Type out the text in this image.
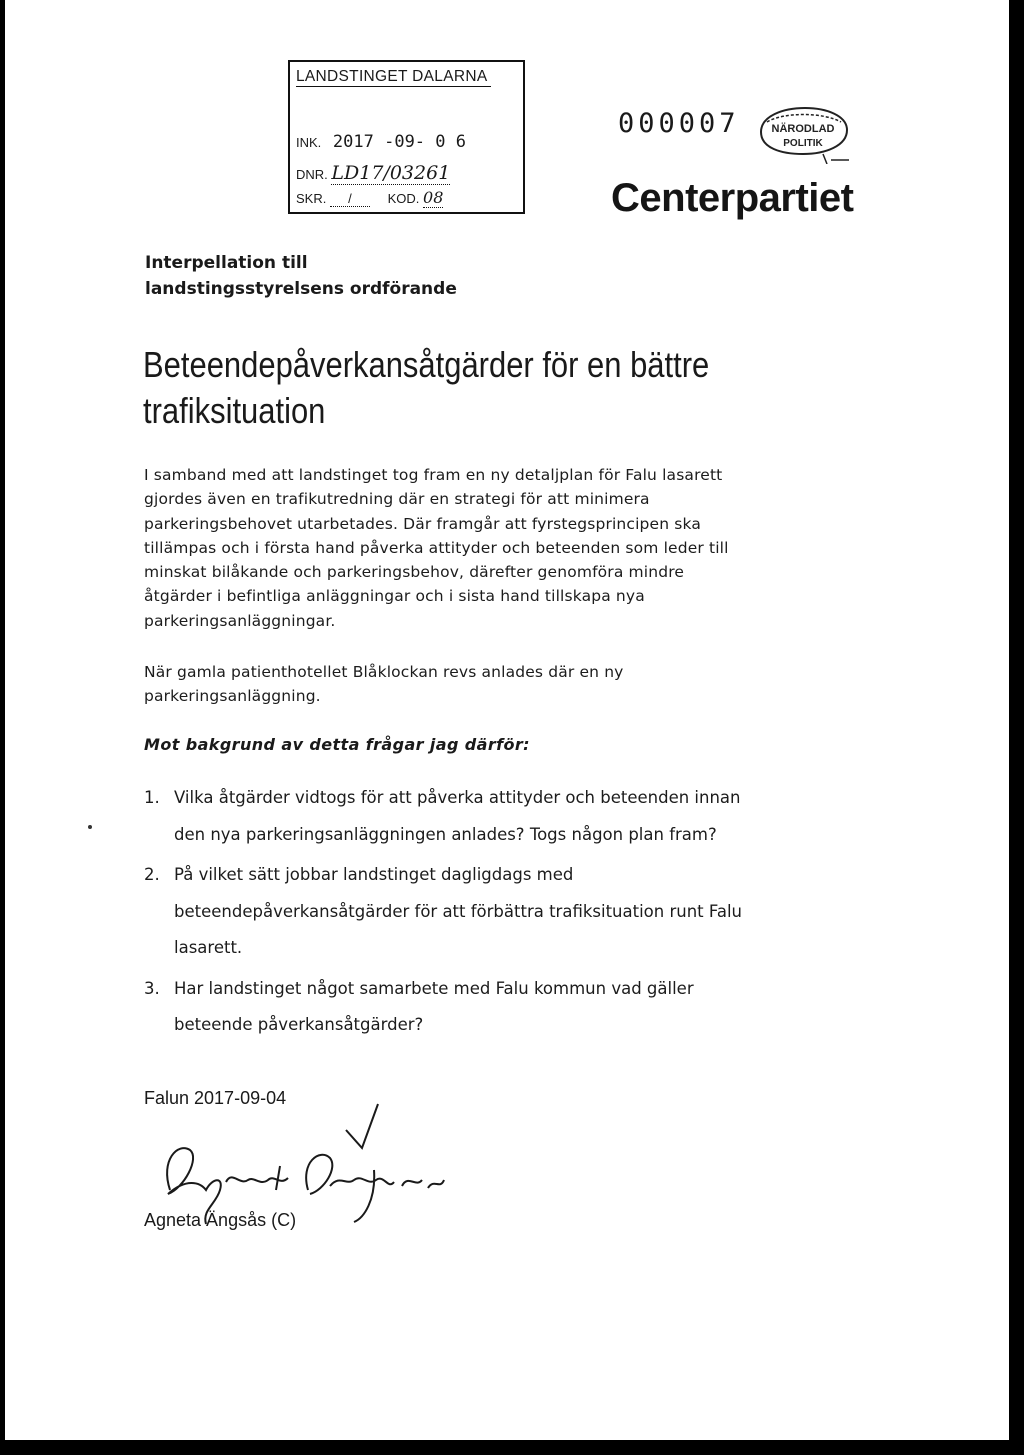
LANDSTINGET DALARNA
INK. 2017 -09- 0 6
DNR. LD17/03261
SKR. /	KOD. 08
000007	NÄRODLAD
POLITIK
Centerpartiet
Interpellation till
landstingsstyrelsens ordförande
Beteendepåverkansåtgärder för en bättre
trafiksituation
I samband med att landstinget tog fram en ny detaljplan för Falu lasarett
gjordes även en trafikutredning där en strategi för att minimera
parkeringsbehovet utarbetades. Där framgår att fyrstegsprincipen ska
tillämpas och i första hand påverka attityder och beteenden som leder till
minskat bilåkande och parkeringsbehov, därefter genomföra mindre
åtgärder i befintliga anläggningar och i sista hand tillskapa nya
parkeringsanläggningar.
När gamla patienthotellet Blåklockan revs anlades där en ny
parkeringsanläggning.
Mot bakgrund av detta frågar jag därför:
1. Vilka åtgärder vidtogs för att påverka attityder och beteenden innan
den nya parkeringsanläggningen anlades? Togs någon plan fram?
2. På vilket sätt jobbar landstinget dagligdags med
beteendepåverkansåtgärder för att förbättra trafiksituation runt Falu
lasarett.
3. Har landstinget något samarbete med Falu kommun vad gäller
beteende påverkansåtgärder?
Falun 2017-09-04
Agneta Ängsås (C)
